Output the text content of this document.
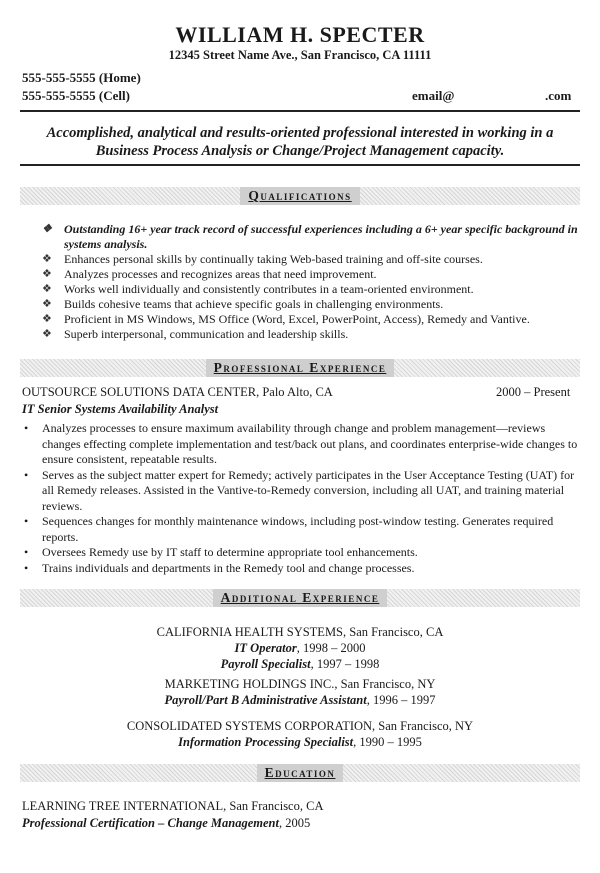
WILLIAM H. SPECTER
12345 Street Name Ave., San Francisco, CA 11111
555-555-5555 (Home)
555-555-5555 (Cell)	email@	.com
Accomplished, analytical and results-oriented professional interested in working in a Business Process Analysis or Change/Project Management capacity.
Qualifications
❖ Outstanding 16+ year track record of successful experiences including a 6+ year specific background in systems analysis.
❖ Enhances personal skills by continually taking Web-based training and off-site courses.
❖ Analyzes processes and recognizes areas that need improvement.
❖ Works well individually and consistently contributes in a team-oriented environment.
❖ Builds cohesive teams that achieve specific goals in challenging environments.
❖ Proficient in MS Windows, MS Office (Word, Excel, PowerPoint, Access), Remedy and Vantive.
❖ Superb interpersonal, communication and leadership skills.
Professional Experience
OUTSOURCE SOLUTIONS DATA CENTER, Palo Alto, CA	2000 – Present
IT Senior Systems Availability Analyst
• Analyzes processes to ensure maximum availability through change and problem management—reviews changes effecting complete implementation and test/back out plans, and coordinates enterprise-wide changes to ensure consistent, repeatable results.
• Serves as the subject matter expert for Remedy; actively participates in the User Acceptance Testing (UAT) for all Remedy releases. Assisted in the Vantive-to-Remedy conversion, including all UAT, and training material reviews.
• Sequences changes for monthly maintenance windows, including post-window testing. Generates required reports.
• Oversees Remedy use by IT staff to determine appropriate tool enhancements.
• Trains individuals and departments in the Remedy tool and change processes.
Additional Experience
CALIFORNIA HEALTH SYSTEMS, San Francisco, CA
IT Operator, 1998 – 2000
Payroll Specialist, 1997 – 1998
MARKETING HOLDINGS INC., San Francisco, NY
Payroll/Part B Administrative Assistant, 1996 – 1997
CONSOLIDATED SYSTEMS CORPORATION, San Francisco, NY
Information Processing Specialist, 1990 – 1995
Education
LEARNING TREE INTERNATIONAL, San Francisco, CA
Professional Certification – Change Management, 2005
